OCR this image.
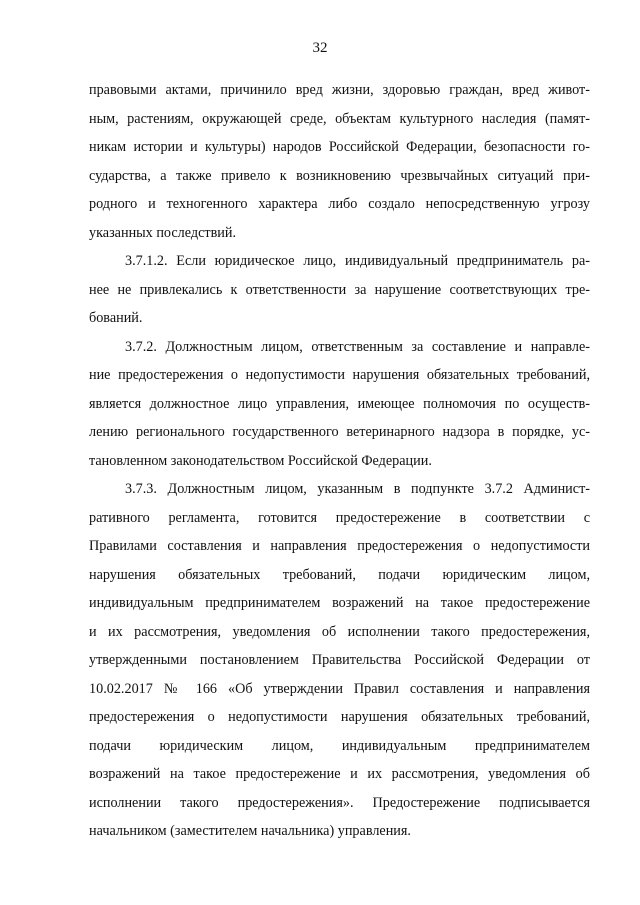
32
правовыми актами, причинило вред жизни, здоровью граждан, вред живот-
ным, растениям, окружающей среде, объектам культурного наследия (памят-
никам истории и культуры) народов Российской Федерации, безопасности го-
сударства, а также привело к возникновению чрезвычайных ситуаций при-
родного и техногенного характера либо создало непосредственную угрозу
указанных последствий.
3.7.1.2. Если юридическое лицо, индивидуальный предприниматель ра-
нее не привлекались к ответственности за нарушение соответствующих тре-
бований.
3.7.2. Должностным лицом, ответственным за составление и направле-
ние предостережения о недопустимости нарушения обязательных требований,
является должностное лицо управления, имеющее полномочия по осуществ-
лению регионального государственного ветеринарного надзора в порядке, ус-
тановленном законодательством Российской Федерации.
3.7.3. Должностным лицом, указанным в подпункте 3.7.2 Админист-
ративного регламента, готовится предостережение в соответствии с
Правилами составления и направления предостережения о недопустимости
нарушения обязательных требований, подачи юридическим лицом,
индивидуальным предпринимателем возражений на такое предостережение
и их рассмотрения, уведомления об исполнении такого предостережения,
утвержденными постановлением Правительства Российской Федерации от
10.02.2017 № 166 «Об утверждении Правил составления и направления
предостережения о недопустимости нарушения обязательных требований,
подачи юридическим лицом, индивидуальным предпринимателем
возражений на такое предостережение и их рассмотрения, уведомления об
исполнении такого предостережения». Предостережение подписывается
начальником (заместителем начальника) управления.
